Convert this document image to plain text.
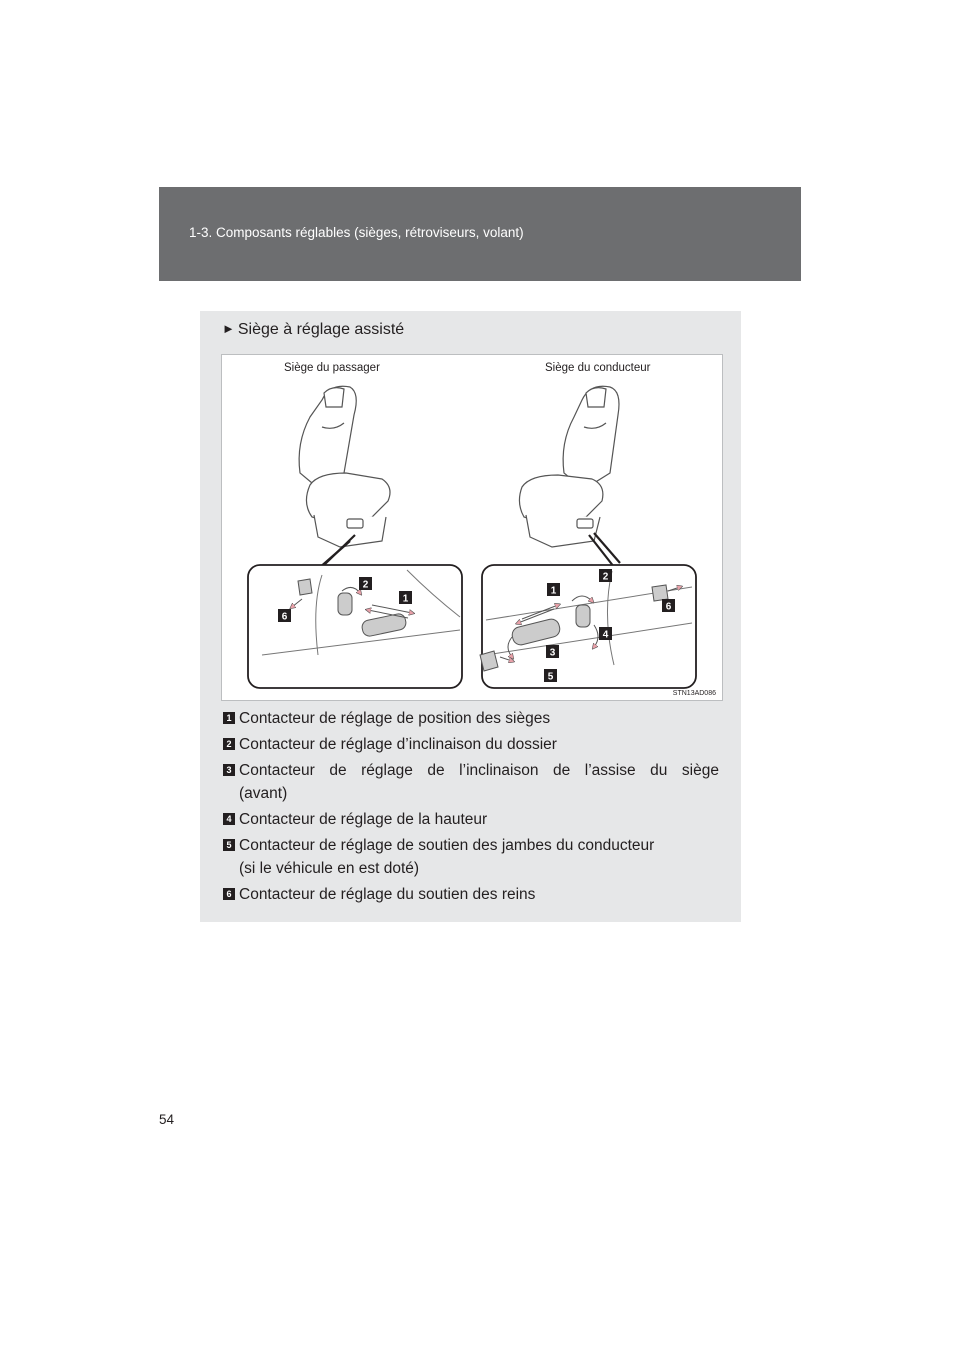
1-3. Composants réglables (sièges, rétroviseurs, volant)
► Siège à réglage assisté
1
2
6
1
2
3
4
5
6
Siège du passager	Siège du conducteur
STN13AD086
1 Contacteur de réglage de position des sièges
2 Contacteur de réglage d’inclinaison du dossier
3 Contacteur de réglage de l’inclinaison de l’assise du siège
(avant)
4 Contacteur de réglage de la hauteur
5 Contacteur de réglage de soutien des jambes du conducteur
(si le véhicule en est doté)
6 Contacteur de réglage du soutien des reins
54
